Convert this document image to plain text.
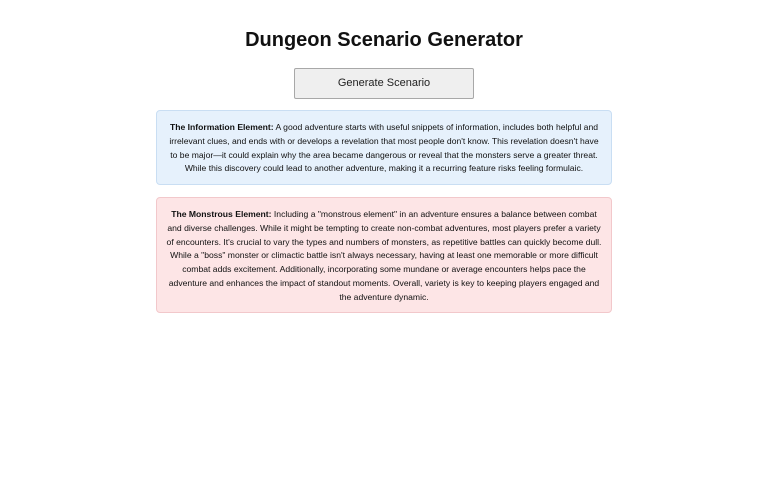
Dungeon Scenario Generator
Generate Scenario
The Information Element: A good adventure starts with useful snippets of information, includes both helpful and irrelevant clues, and ends with or develops a revelation that most people don't know. This revelation doesn't have to be major—it could explain why the area became dangerous or reveal that the monsters serve a greater threat. While this discovery could lead to another adventure, making it a recurring feature risks feeling formulaic.
The Monstrous Element: Including a "monstrous element" in an adventure ensures a balance between combat and diverse challenges. While it might be tempting to create non-combat adventures, most players prefer a variety of encounters. It's crucial to vary the types and numbers of monsters, as repetitive battles can quickly become dull. While a "boss" monster or climactic battle isn't always necessary, having at least one memorable or more difficult combat adds excitement. Additionally, incorporating some mundane or average encounters helps pace the adventure and enhances the impact of standout moments. Overall, variety is key to keeping players engaged and the adventure dynamic.
